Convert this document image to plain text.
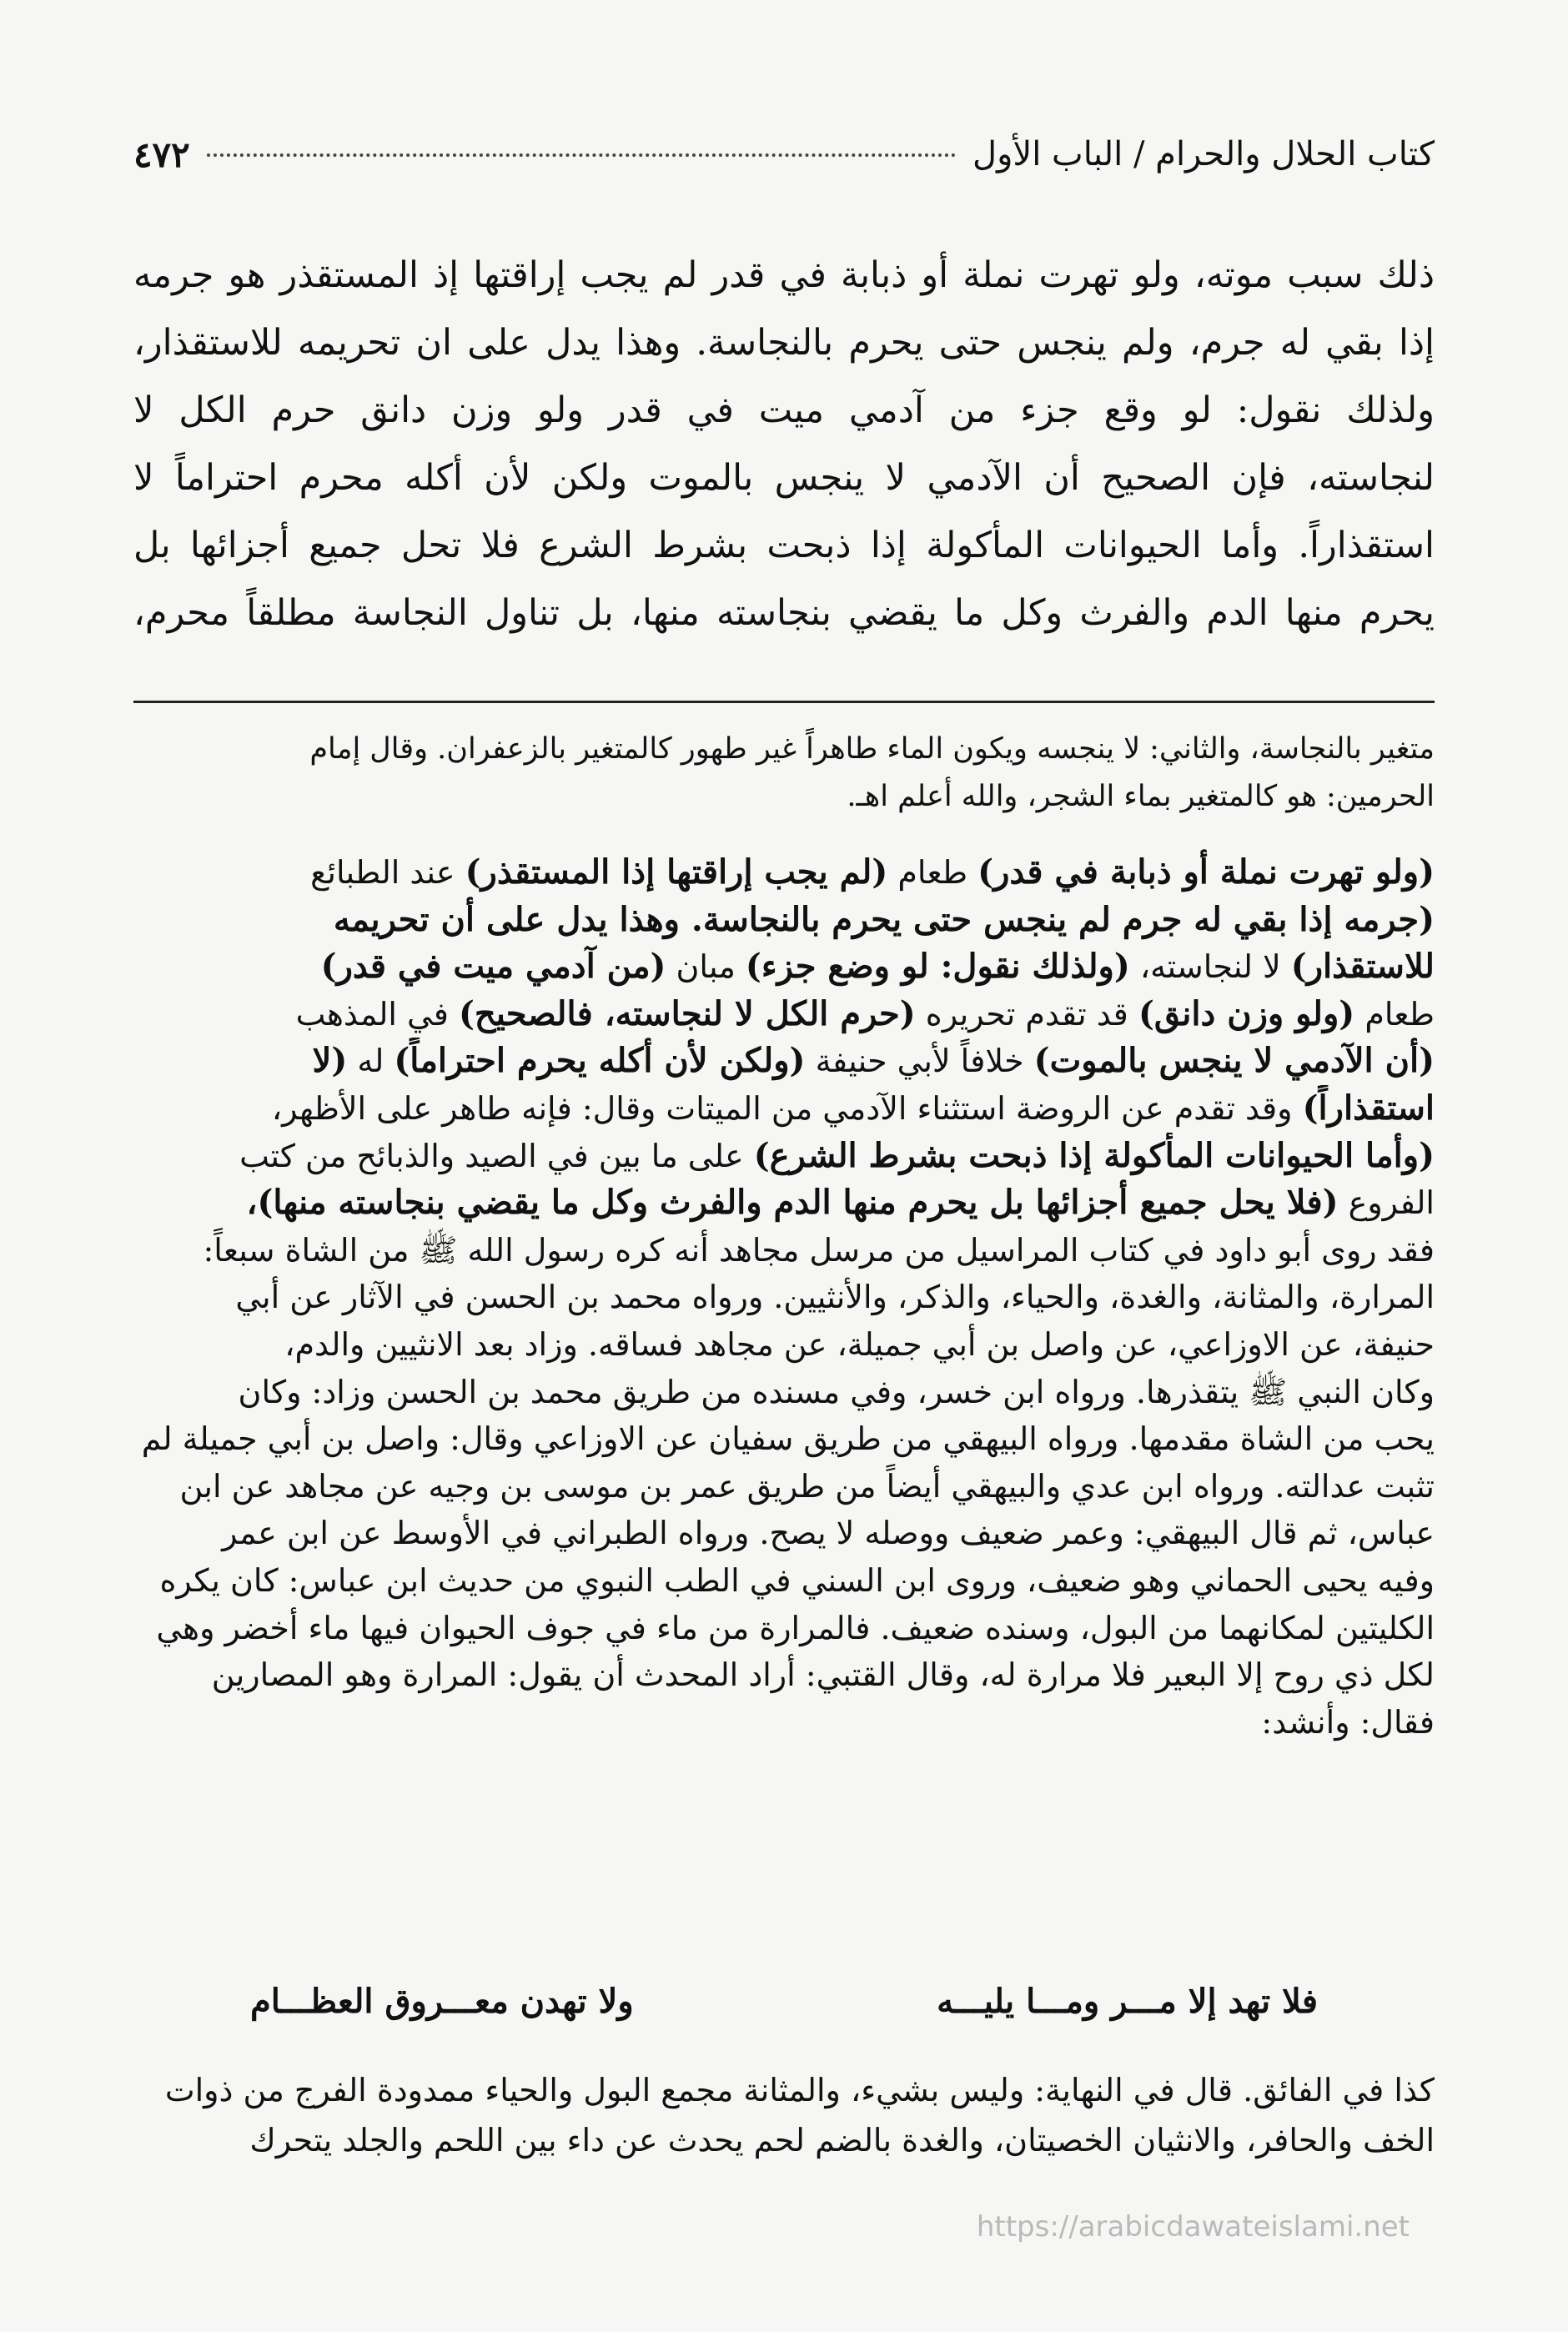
٤٧٢	كتاب الحلال والحرام / الباب الأول
ذلك سبب موته، ولو تهرت نملة أو ذبابة في قدر لم يجب إراقتها إذ المستقذر هو جرمه
إذا بقي له جرم، ولم ينجس حتى يحرم بالنجاسة. وهذا يدل على ان تحريمه للاستقذار،
ولذلك نقول: لو وقع جزء من آدمي ميت في قدر ولو وزن دانق حرم الكل لا
لنجاسته، فإن الصحيح أن الآدمي لا ينجس بالموت ولكن لأن أكله محرم احتراماً لا
استقذاراً. وأما الحيوانات المأكولة إذا ذبحت بشرط الشرع فلا تحل جميع أجزائها بل
يحرم منها الدم والفرث وكل ما يقضي بنجاسته منها، بل تناول النجاسة مطلقاً محرم،
متغير بالنجاسة، والثاني: لا ينجسه ويكون الماء طاهراً غير طهور كالمتغير بالزعفران. وقال إمام
الحرمين: هو كالمتغير بماء الشجر، والله أعلم اهـ.
(ولو تهرت نملة أو ذبابة في قدر) طعام (لم يجب إراقتها إذا المستقذر) عند الطبائع
(جرمه إذا بقي له جرم لم ينجس حتى يحرم بالنجاسة. وهذا يدل على أن تحريمه
للاستقذار) لا لنجاسته، (ولذلك نقول: لو وضع جزء) مبان (من آدمي ميت في قدر)
طعام (ولو وزن دانق) قد تقدم تحريره (حرم الكل لا لنجاسته، فالصحيح) في المذهب
(أن الآدمي لا ينجس بالموت) خلافاً لأبي حنيفة (ولكن لأن أكله يحرم احتراماً) له (لا
استقذاراً) وقد تقدم عن الروضة استثناء الآدمي من الميتات وقال: فإنه طاهر على الأظهر،
(وأما الحيوانات المأكولة إذا ذبحت بشرط الشرع) على ما بين في الصيد والذبائح من كتب
الفروع (فلا يحل جميع أجزائها بل يحرم منها الدم والفرث وكل ما يقضي بنجاسته منها)،
فقد روى أبو داود في كتاب المراسيل من مرسل مجاهد أنه كره رسول الله ﷺ من الشاة سبعاً:
المرارة، والمثانة، والغدة، والحياء، والذكر، والأنثيين. ورواه محمد بن الحسن في الآثار عن أبي
حنيفة، عن الاوزاعي، عن واصل بن أبي جميلة، عن مجاهد فساقه. وزاد بعد الانثيين والدم،
وكان النبي ﷺ يتقذرها. ورواه ابن خسر، وفي مسنده من طريق محمد بن الحسن وزاد: وكان
يحب من الشاة مقدمها. ورواه البيهقي من طريق سفيان عن الاوزاعي وقال: واصل بن أبي جميلة لم
تثبت عدالته. ورواه ابن عدي والبيهقي أيضاً من طريق عمر بن موسى بن وجيه عن مجاهد عن ابن
عباس، ثم قال البيهقي: وعمر ضعيف ووصله لا يصح. ورواه الطبراني في الأوسط عن ابن عمر
وفيه يحيى الحماني وهو ضعيف، وروى ابن السني في الطب النبوي من حديث ابن عباس: كان يكره
الكليتين لمكانهما من البول، وسنده ضعيف. فالمرارة من ماء في جوف الحيوان فيها ماء أخضر وهي
لكل ذي روح إلا البعير فلا مرارة له، وقال القتبي: أراد المحدث أن يقول: المرارة وهو المصارين
فقال: وأنشد:
فلا تهد إلا مـــر ومـــا يليـــه
ولا تهدن معـــروق العظـــام
كذا في الفائق. قال في النهاية: وليس بشيء، والمثانة مجمع البول والحياء ممدودة الفرج من ذوات
الخف والحافر، والانثيان الخصيتان، والغدة بالضم لحم يحدث عن داء بين اللحم والجلد يتحرك
https://arabicdawateislami.net
